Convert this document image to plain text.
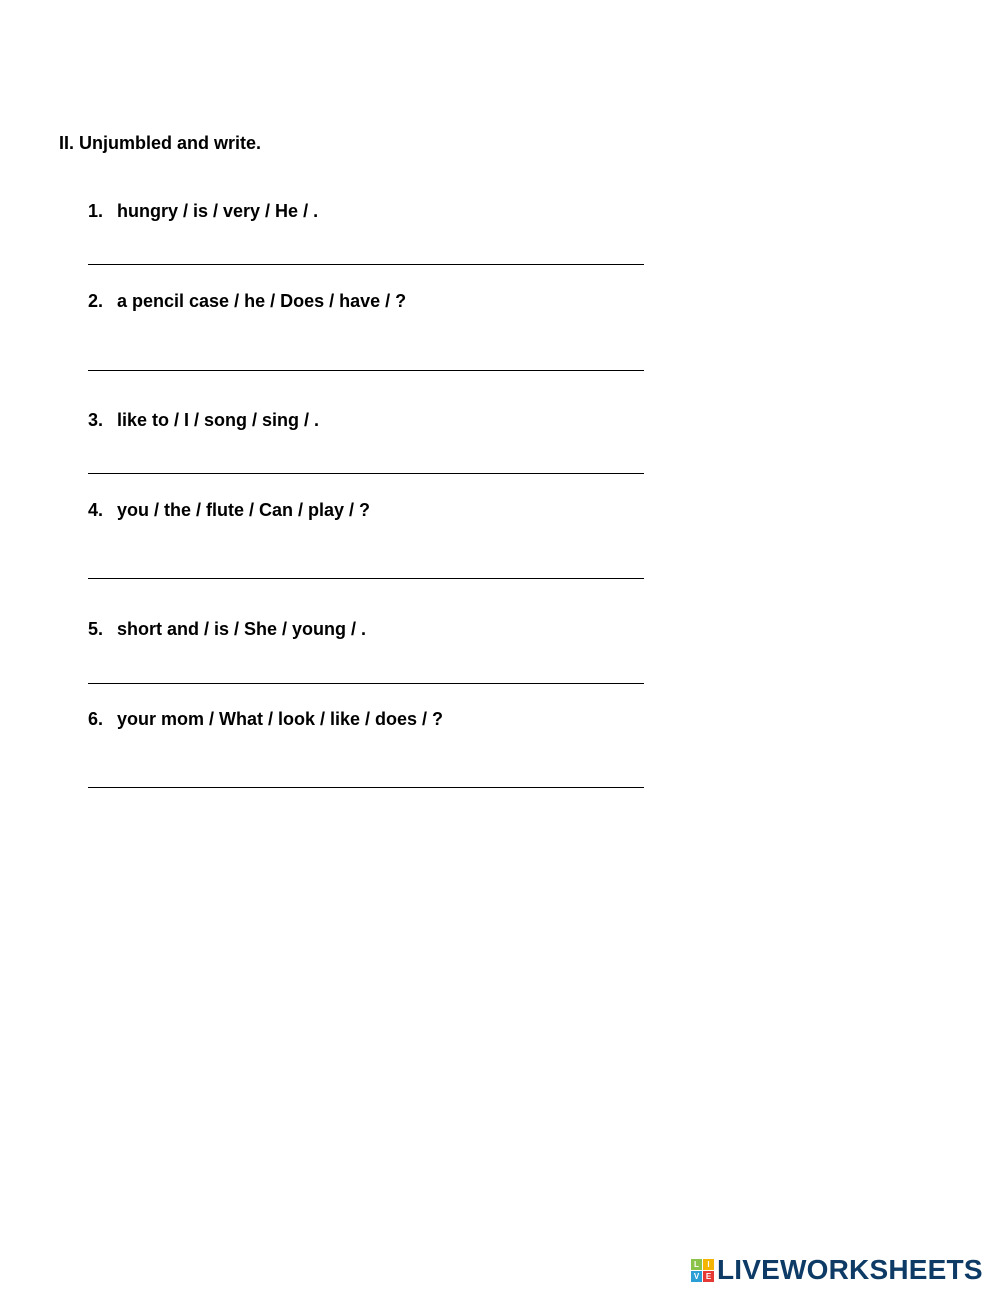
II. Unjumbled and write.
1. hungry / is / very / He / .
2. a pencil case / he / Does / have / ?
3. like to / I / song / sing / .
4. you / the / flute / Can / play / ?
5. short and / is / She / young / .
6. your mom / What / look / like / does / ?
L	I
V E LIVEWORKSHEETS
